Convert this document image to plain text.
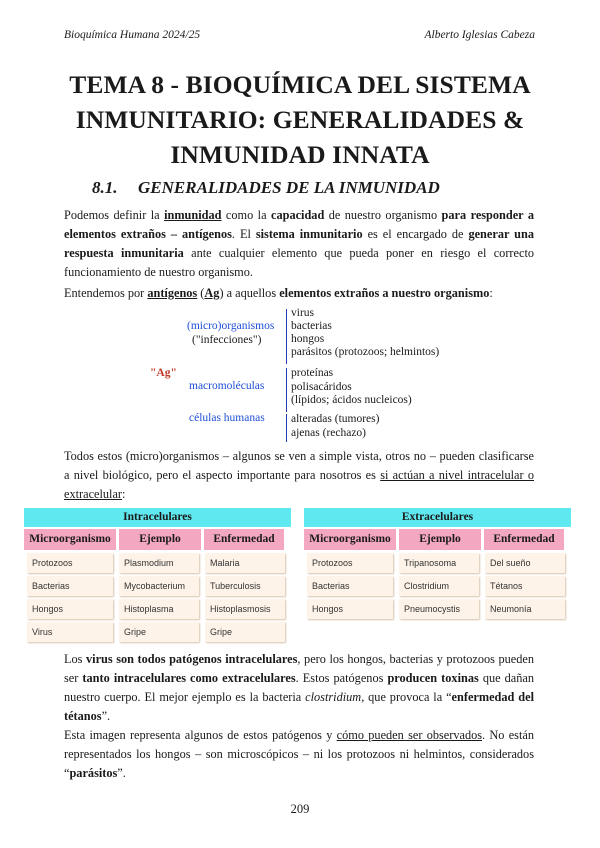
Bioquímica Humana 2024/25	Alberto Iglesias Cabeza
TEMA 8 - BIOQUÍMICA DEL SISTEMA
INMUNITARIO: GENERALIDADES &
INMUNIDAD INNATA
8.1. GENERALIDADES DE LA INMUNIDAD

Podemos definir la inmunidad como la capacidad de nuestro organismo para responder a elementos extraños – antígenos. El sistema inmunitario es el encargado de generar una respuesta inmunitaria ante cualquier elemento que pueda poner en riesgo el correcto funcionamiento de nuestro organismo.

Entendemos por antígenos (Ag) a aquellos elementos extraños a nuestro organismo:

"Ag"
(micro)organismos
("infecciones")
virus
bacterias
hongos
parásitos (protozoos; helmintos)
macromoléculas
proteínas
polisacáridos
(lípidos; ácidos nucleicos)
células humanas alteradas (tumores)
ajenas (rechazo)

Todos estos (micro)organismos – algunos se ven a simple vista, otros no – pueden clasificarse a nivel biológico, pero el aspecto importante para nosotros es si actúan a nivel intracelular o extracelular:

Intracelulares
Microorganismo	Ejemplo	Enfermedad
Protozoos	Plasmodium	Malaria
Bacterias	Mycobacterium	Tuberculosis
Hongos	Histoplasma	Histoplasmosis
Virus	Gripe	Gripe
Extracelulares
Microorganismo	Ejemplo	Enfermedad
Protozoos	Tripanosoma	Del sueño
Bacterias	Clostridium	Tétanos
Hongos	Pneumocystis	Neumonía

Los virus son todos patógenos intracelulares, pero los hongos, bacterias y protozoos pueden ser tanto intracelulares como extracelulares. Estos patógenos producen toxinas que dañan nuestro cuerpo. El mejor ejemplo es la bacteria clostridium, que provoca la “enfermedad del tétanos”.

Esta imagen representa algunos de estos patógenos y cómo pueden ser observados. No están representados los hongos – son microscópicos – ni los protozoos ni helmintos, considerados “parásitos”.

209
